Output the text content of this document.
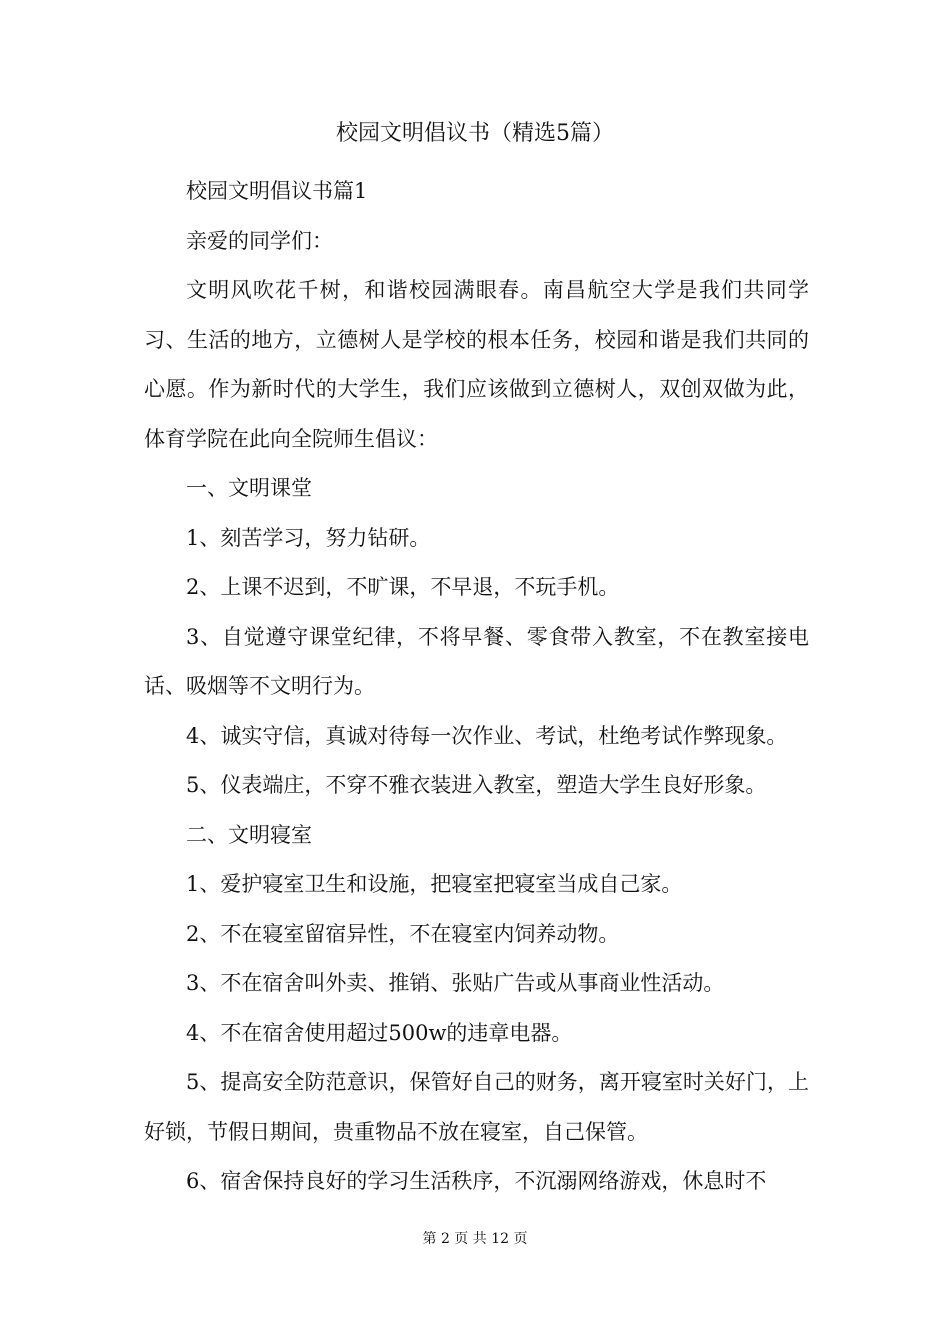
校园文明倡议书（精选5篇）

校园文明倡议书篇1

亲爱的同学们：

文明风吹花千树，和谐校园满眼春。南昌航空大学是我们共同学习、生活的地方，立德树人是学校的根本任务，校园和谐是我们共同的心愿。作为新时代的大学生，我们应该做到立德树人，双创双做为此，体育学院在此向全院师生倡议：

一、文明课堂

1、刻苦学习，努力钻研。

2、上课不迟到，不旷课，不早退，不玩手机。

3、自觉遵守课堂纪律，不将早餐、零食带入教室，不在教室接电话、吸烟等不文明行为。

4、诚实守信，真诚对待每一次作业、考试，杜绝考试作弊现象。

5、仪表端庄，不穿不雅衣装进入教室，塑造大学生良好形象。

二、文明寝室

1、爱护寝室卫生和设施，把寝室把寝室当成自己家。

2、不在寝室留宿异性，不在寝室内饲养动物。

3、不在宿舍叫外卖、推销、张贴广告或从事商业性活动。

4、不在宿舍使用超过500w的违章电器。

5、提高安全防范意识，保管好自己的财务，离开寝室时关好门，上好锁，节假日期间，贵重物品不放在寝室，自己保管。

6、宿舍保持良好的学习生活秩序，不沉溺网络游戏，休息时不

第 2 页 共 12 页
